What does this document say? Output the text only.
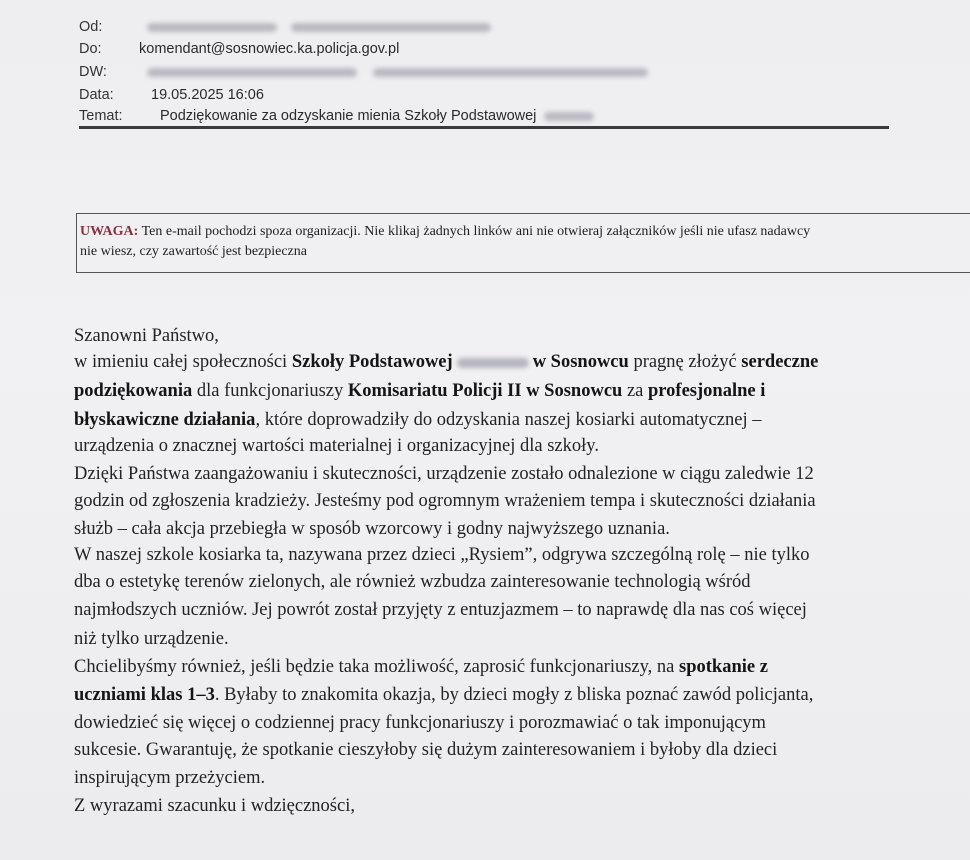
Od:

Do:	komendant@sosnowiec.ka.policja.gov.pl
DW:

Data:	19.05.2025 16:06
Temat:	Podziękowanie za odzyskanie mienia Szkoły Podstawowej
UWAGA: Ten e-mail pochodzi spoza organizacji. Nie klikaj żadnych linków ani nie otwieraj załączników jeśli nie ufasz nadawcy
nie wiesz, czy zawartość jest bezpieczna
Szanowni Państwo,
w imieniu całej społeczności Szkoły Podstawowej	w Sosnowcu pragnę złożyć serdeczne
podziękowania dla funkcjonariuszy Komisariatu Policji II w Sosnowcu za profesjonalne i
błyskawiczne działania, które doprowadziły do odzyskania naszej kosiarki automatycznej –
urządzenia o znacznej wartości materialnej i organizacyjnej dla szkoły.
Dzięki Państwa zaangażowaniu i skuteczności, urządzenie zostało odnalezione w ciągu zaledwie 12
godzin od zgłoszenia kradzieży. Jesteśmy pod ogromnym wrażeniem tempa i skuteczności działania
służb – cała akcja przebiegła w sposób wzorcowy i godny najwyższego uznania.
W naszej szkole kosiarka ta, nazywana przez dzieci „Rysiem”, odgrywa szczególną rolę – nie tylko
dba o estetykę terenów zielonych, ale również wzbudza zainteresowanie technologią wśród
najmłodszych uczniów. Jej powrót został przyjęty z entuzjazmem – to naprawdę dla nas coś więcej
niż tylko urządzenie.
Chcielibyśmy również, jeśli będzie taka możliwość, zaprosić funkcjonariuszy, na spotkanie z
uczniami klas 1–3. Byłaby to znakomita okazja, by dzieci mogły z bliska poznać zawód policjanta,
dowiedzieć się więcej o codziennej pracy funkcjonariuszy i porozmawiać o tak imponującym
sukcesie. Gwarantuję, że spotkanie cieszyłoby się dużym zainteresowaniem i byłoby dla dzieci
inspirującym przeżyciem.
Z wyrazami szacunku i wdzięczności,
